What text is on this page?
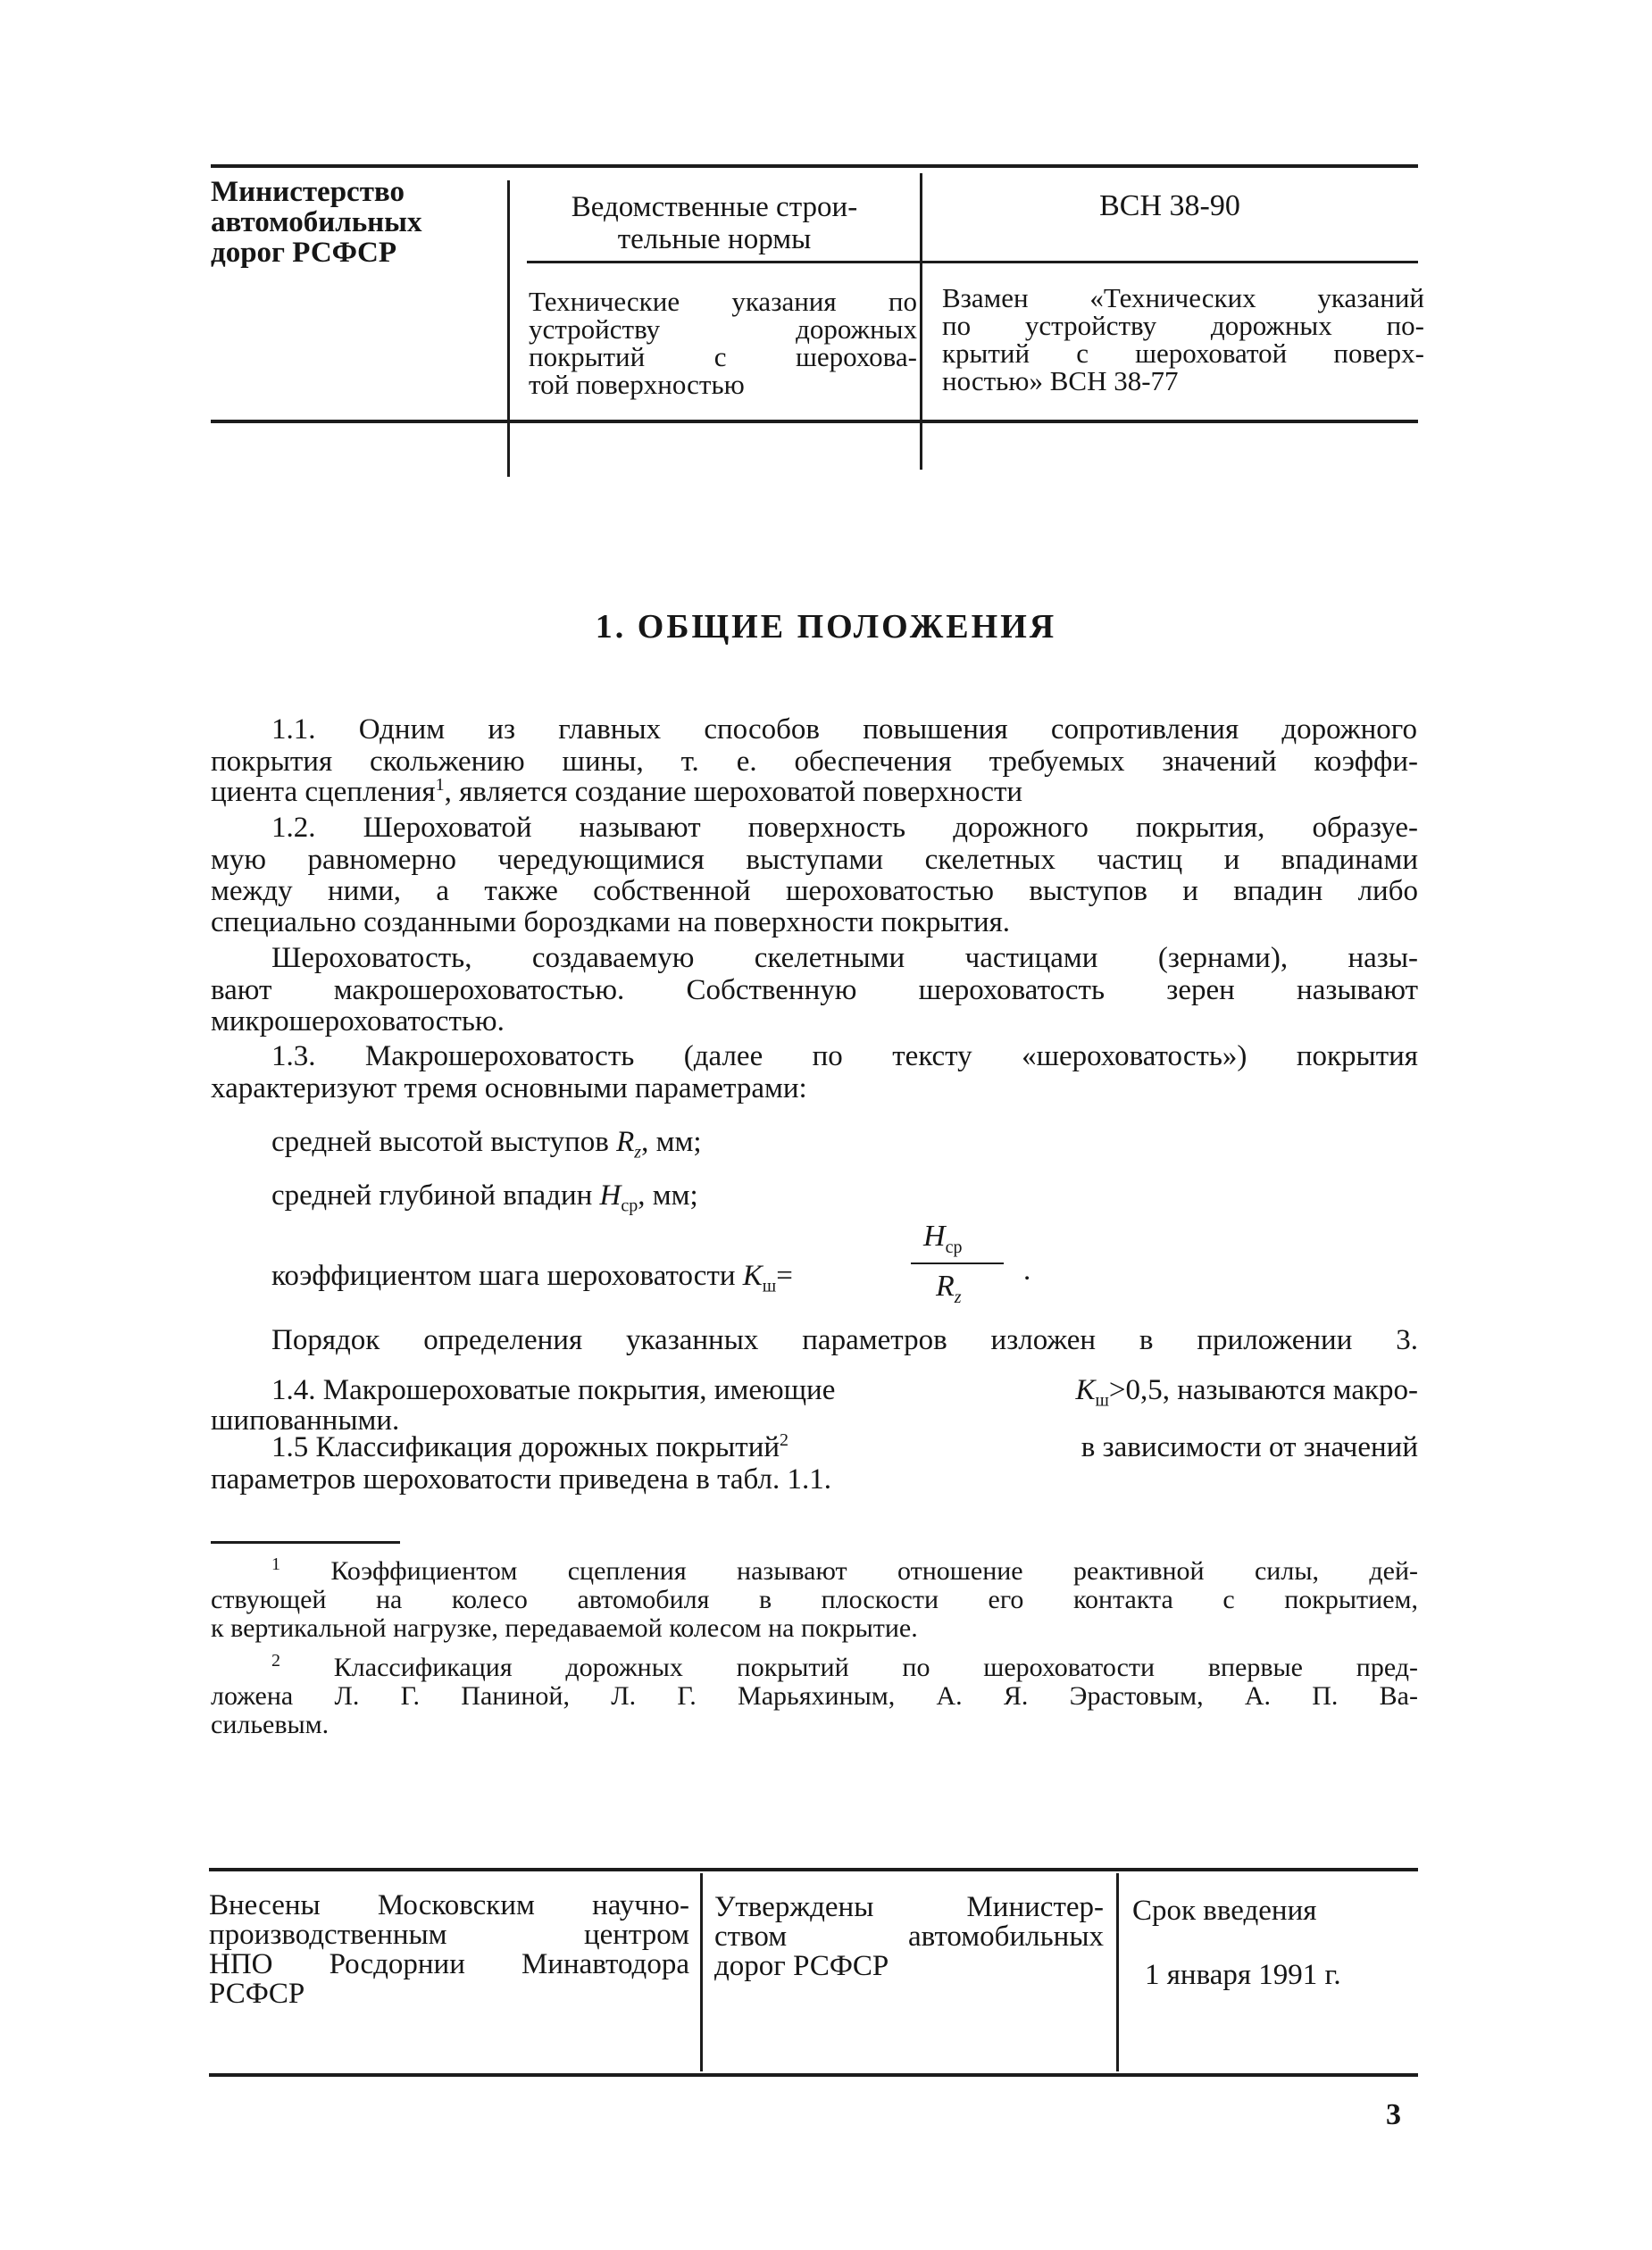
Министерство
автомобильных
дорог РСФСР
Ведомственные строи-
тельные нормы
ВСН 38-90
Технические указания по
устройству дорожных
покрытий с шерохова-
той поверхностью
Взамен «Технических указаний
по устройству дорожных по-
крытий с шероховатой поверх-
ностью» ВСН 38-77
1. ОБЩИЕ ПОЛОЖЕНИЯ
1.1. Одним из главных способов повышения сопротивления дорожного
покрытия скольжению шины, т. е. обеспечения требуемых значений коэффи-
циента сцепления$^1$, является создание шероховатой поверхности
1.2. Шероховатой называют поверхность дорожного покрытия, образуе-
мую равномерно чередующимися выступами скелетных частиц и впадинами
между ними, а также собственной шероховатостью выступов и впадин либо
специально созданными бороздками на поверхности покрытия.
Шероховатость, создаваемую скелетными частицами (зернами), назы-
вают макрошероховатостью. Собственную шероховатость зерен называют
микрошероховатостью.
1.3. Макрошероховатость (далее по тексту «шероховатость») покрытия
характеризуют тремя основными параметрами:
средней высотой выступов $R_z$, мм;
средней глубиной впадин $H_{ср}$, мм;
коэффициентом шага шероховатости $K_ш=$
$H_{ср}$
$R_z$
.
Порядок определения указанных параметров изложен в приложении 3.
1.4. Макрошероховатые покрытия, имеющие	$K_ш>0,5$, называются макро-
шипованными.
1.5 Классификация дорожных покрытий$^2$	в зависимости от значений
параметров шероховатости приведена в табл. 1.1.
$^1$ Коэффициентом сцепления называют отношение реактивной силы, дей-
ствующей на колесо автомобиля в плоскости его контакта с покрытием,
к вертикальной нагрузке, передаваемой колесом на покрытие.
$^2$ Классификация дорожных покрытий по шероховатости впервые пред-
ложена Л. Г. Паниной, Л. Г. Марьяхиным, А. Я. Эрастовым, А. П. Ва-
сильевым.
Внесены Московским научно-
производственным центром
НПО Росдорнии Минавтодора
РСФСР
Утверждены Министер-
ством автомобильных
дорог РСФСР
Срок введения
1 января 1991 г.
3
